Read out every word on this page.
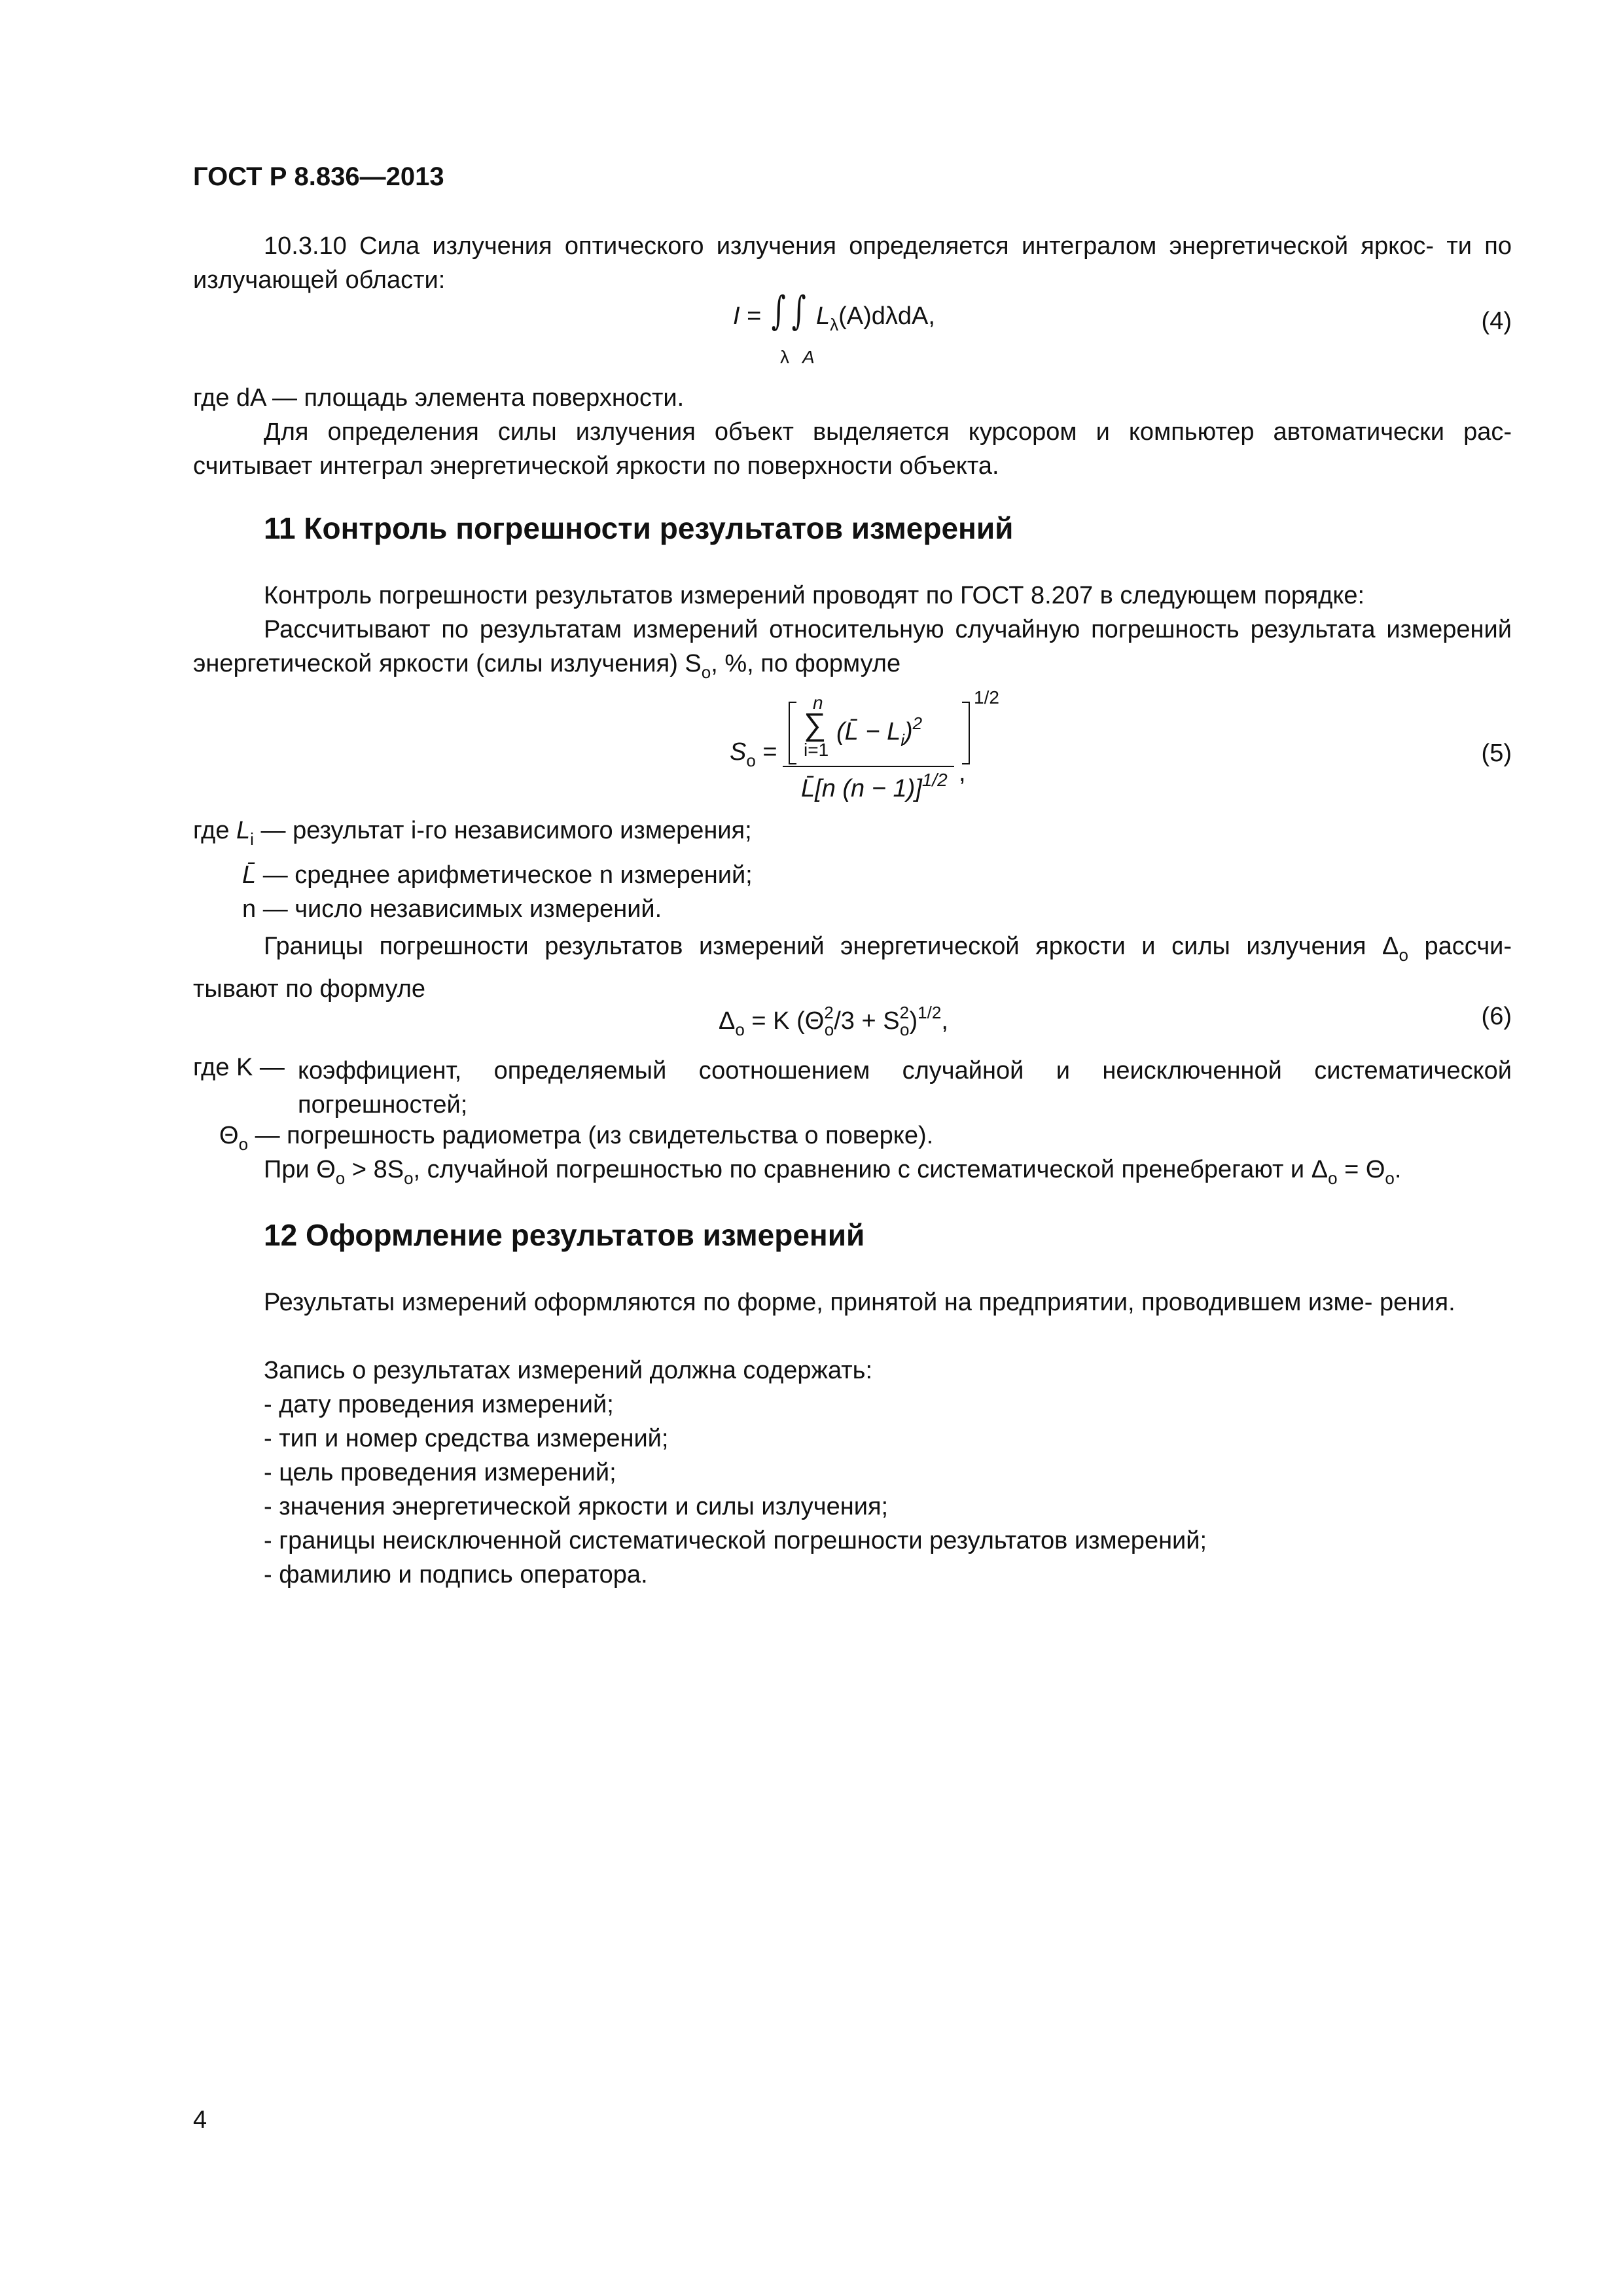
ГОСТ Р 8.836—2013
10.3.10 Сила излучения оптического излучения определяется интегралом энергетической яркос- ти по излучающей области:
I = ∫ ∫ $L_\lambda(A)d\lambda dA$,
λ A
(4)
где dA — площадь элемента поверхности.
Для определения силы излучения объект выделяется курсором и компьютер автоматически рас- считывает интеграл энергетической яркости по поверхности объекта.
11 Контроль погрешности результатов измерений
Контроль погрешности результатов измерений проводят по ГОСТ 8.207 в следующем порядке:
Рассчитывают по результатам измерений относительную случайную погрешность результата измерений энергетической яркости (силы излучения) $S_o$, %, по формуле
$S_o$ =
n
∑
i=1
(L̄ − $L_i)^2$
1/2
L̄[n (n − 1)]$^{1/2}$ ,
(5)
где $L_i$ — результат i-го независимого измерения;
L̄ — среднее арифметическое n измерений;
n — число независимых измерений.
Границы погрешности результатов измерений энергетической яркости и силы излучения $\Delta_o$ рассчи- тывают по формуле
$\Delta_o = K$ $(\Theta^2_o/3 + S^2_o)^{1/2}$,	(6)
где K — коэффициент, определяемый соотношением случайной и неисключенной систематической погрешностей;
$\Theta_o$ — погрешность радиометра (из свидетельства о поверке).
При $\Theta_o > 8S_o$, случайной погрешностью по сравнению с систематической пренебрегают и $\Delta_o = \Theta_o$.
12 Оформление результатов измерений
Результаты измерений оформляются по форме, принятой на предприятии, проводившем изме- рения.
Запись о результатах измерений должна содержать:
- дату проведения измерений;
- тип и номер средства измерений;
- цель проведения измерений;
- значения энергетической яркости и силы излучения;
- границы неисключенной систематической погрешности результатов измерений;
- фамилию и подпись оператора.
4
